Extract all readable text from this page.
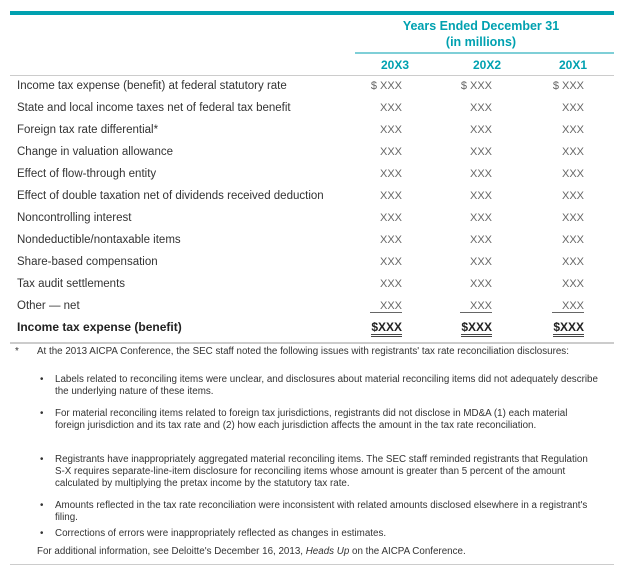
Years Ended December 31
(in millions)
20X3	20X2	20X1
Income tax expense (benefit) at federal statutory rate	$ XXX	$ XXX	$ XXX
State and local income taxes net of federal tax benefit	XXX	XXX	XXX
Foreign tax rate differential*	XXX	XXX	XXX
Change in valuation allowance	XXX	XXX	XXX
Effect of flow-through entity	XXX	XXX	XXX
Effect of double taxation net of dividends received deduction	XXX	XXX	XXX
Noncontrolling interest	XXX	XXX	XXX
Nondeductible/nontaxable items	XXX	XXX	XXX
Share-based compensation	XXX	XXX	XXX
Tax audit settlements	XXX	XXX	XXX
Other — net	XXX	XXX	XXX
Income tax expense (benefit)	$XXX	$XXX	$XXX
* At the 2013 AICPA Conference, the SEC staff noted the following issues with registrants' tax rate reconciliation disclosures:
• Labels related to reconciling items were unclear, and disclosures about material reconciling items did not adequately describe the underlying nature of these items.
• For material reconciling items related to foreign tax jurisdictions, registrants did not disclose in MD&A (1) each material foreign jurisdiction and its tax rate and (2) how each jurisdiction affects the amount in the tax rate reconciliation.
• Registrants have inappropriately aggregated material reconciling items. The SEC staff reminded registrants that Regulation S-X requires separate-line-item disclosure for reconciling items whose amount is greater than 5 percent of the amount calculated by multiplying the pretax income by the statutory tax rate.
• Amounts reflected in the tax rate reconciliation were inconsistent with related amounts disclosed elsewhere in a registrant's filing.
• Corrections of errors were inappropriately reflected as changes in estimates.
For additional information, see Deloitte's December 16, 2013, Heads Up on the AICPA Conference.
